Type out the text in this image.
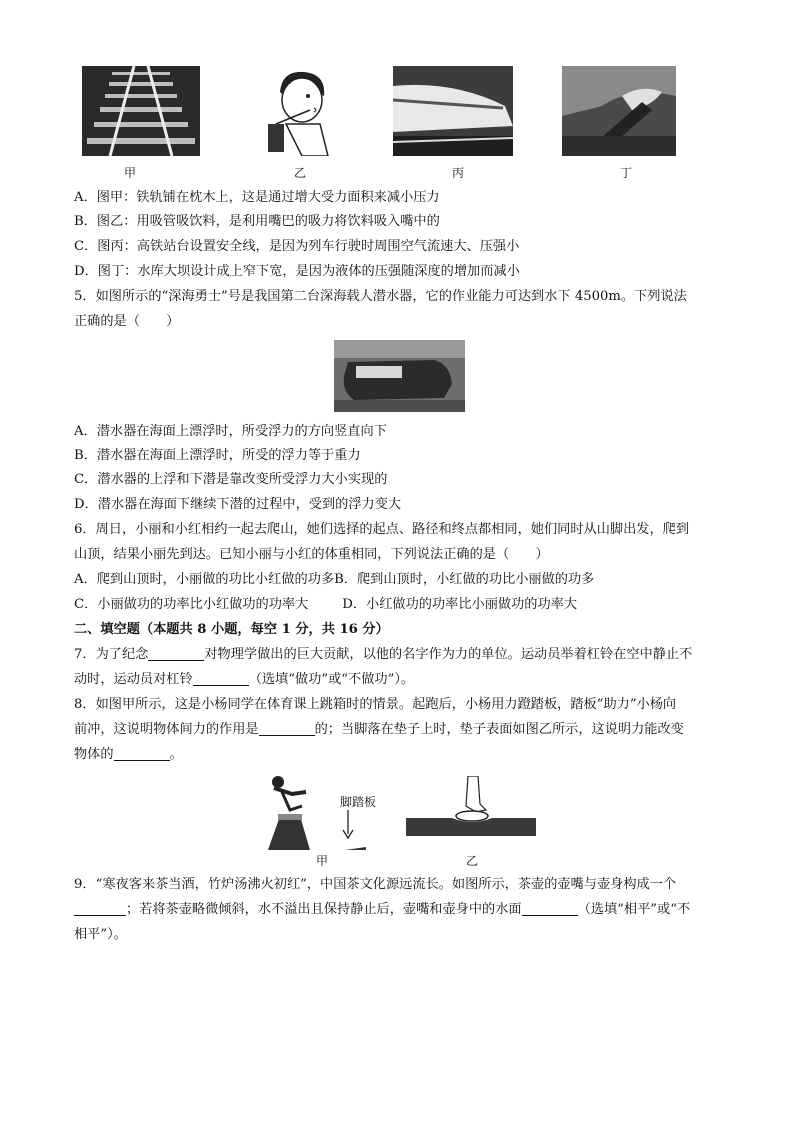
甲	乙	丙	丁
A．图甲：铁轨铺在枕木上，这是通过增大受力面积来减小压力
B．图乙：用吸管吸饮料，是利用嘴巴的吸力将饮料吸入嘴中的
C．图丙：高铁站台设置安全线，是因为列车行驶时周围空气流速大、压强小
D．图丁：水库大坝设计成上窄下宽，是因为液体的压强随深度的增加而减小
5．如图所示的“深海勇士”号是我国第二台深海载人潜水器，它的作业能力可达到水下 4500m。下列说法
正确的是（　　）
A．潜水器在海面上漂浮时，所受浮力的方向竖直向下
B．潜水器在海面上漂浮时，所受的浮力等于重力
C．潜水器的上浮和下潜是靠改变所受浮力大小实现的
D．潜水器在海面下继续下潜的过程中，受到的浮力变大
6．周日，小丽和小红相约一起去爬山，她们选择的起点、路径和终点都相同，她们同时从山脚出发，爬到
山顶，结果小丽先到达。已知小丽与小红的体重相同，下列说法正确的是（　　）
A．爬到山顶时，小丽做的功比小红做的功多B．爬到山顶时，小红做的功比小丽做的功多
C．小丽做功的功率比小红做功的功率大	D．小红做功的功率比小丽做功的功率大
二、填空题（本题共 8 小题，每空 1 分，共 16 分）
7．为了纪念	对物理学做出的巨大贡献，以他的名字作为力的单位。运动员举着杠铃在空中静止不
动时，运动员对杠铃	（选填“做功”或“不做功”）。
8．如图甲所示，这是小杨同学在体育课上跳箱时的情景。起跑后，小杨用力蹬踏板，踏板“助力”小杨向
前冲，这说明物体间力的作用是	的；当脚落在垫子上时，垫子表面如图乙所示，这说明力能改变
物体的	。
脚踏板
甲	乙
9．“寒夜客来茶当酒，竹炉汤沸火初红”，中国茶文化源远流长。如图所示，茶壶的壶嘴与壶身构成一个
；若将茶壶略微倾斜，水不溢出且保持静止后，壶嘴和壶身中的水面	（选填“相平”或“不
相平”）。
